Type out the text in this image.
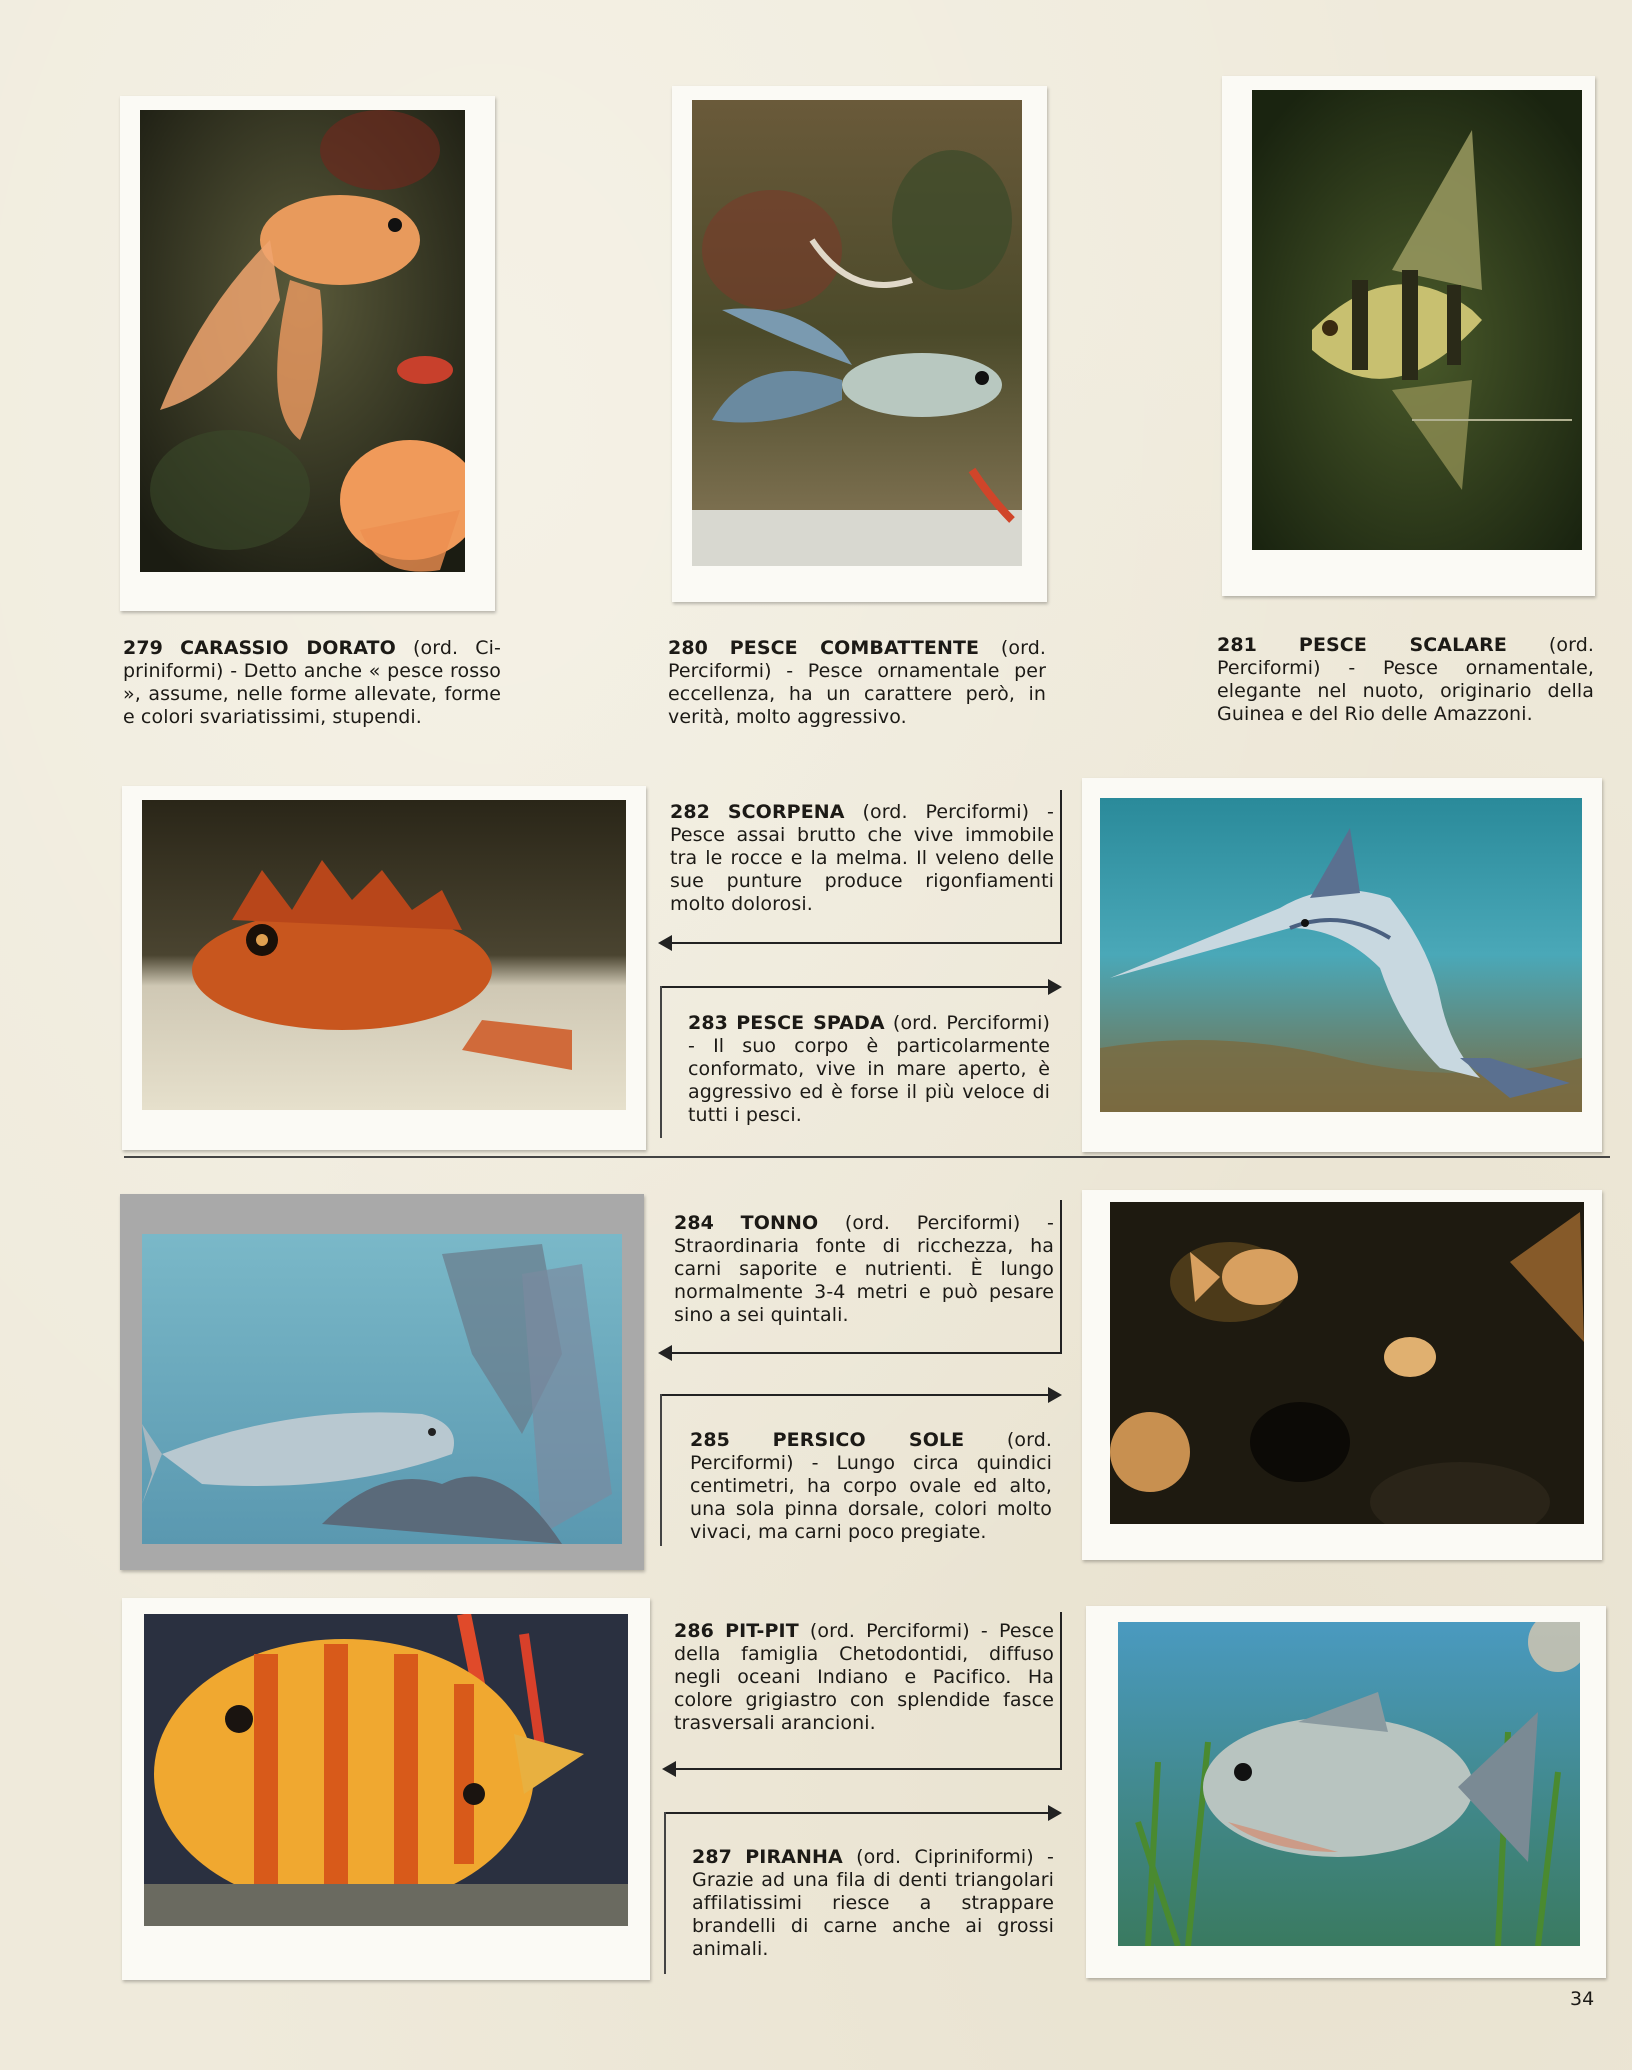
279 CARASSIO DORATO (ord. Ci-priniformi) - Detto anche « pesce rosso », assume, nelle forme allevate, forme e colori svariatissimi, stupendi.
280 PESCE COMBATTENTE (ord. Perciformi) - Pesce ornamentale per eccellenza, ha un carattere però, in verità, molto aggressivo.
281 PESCE SCALARE (ord. Perciformi) - Pesce ornamentale, elegante nel nuoto, originario della Guinea e del Rio delle Amazzoni.
282 SCORPENA (ord. Perciformi) - Pesce assai brutto che vive immobile tra le rocce e la melma. Il veleno delle sue punture produce rigonfiamenti molto dolorosi.
283 PESCE SPADA (ord. Perciformi) - Il suo corpo è particolarmente conformato, vive in mare aperto, è aggressivo ed è forse il più veloce di tutti i pesci.
284 TONNO (ord. Perciformi) - Straordinaria fonte di ricchezza, ha carni saporite e nutrienti. È lungo normalmente 3-4 metri e può pesare sino a sei quintali.
285 PERSICO SOLE (ord. Perciformi) - Lungo circa quindici centimetri, ha corpo ovale ed alto, una sola pinna dorsale, colori molto vivaci, ma carni poco pregiate.
286 PIT-PIT (ord. Perciformi) - Pesce della famiglia Chetodontidi, diffuso negli oceani Indiano e Pacifico. Ha colore grigiastro con splendide fasce trasversali arancioni.
287 PIRANHA (ord. Cipriniformi) - Grazie ad una fila di denti triangolari affilatissimi riesce a strappare brandelli di carne anche ai grossi animali.
34
